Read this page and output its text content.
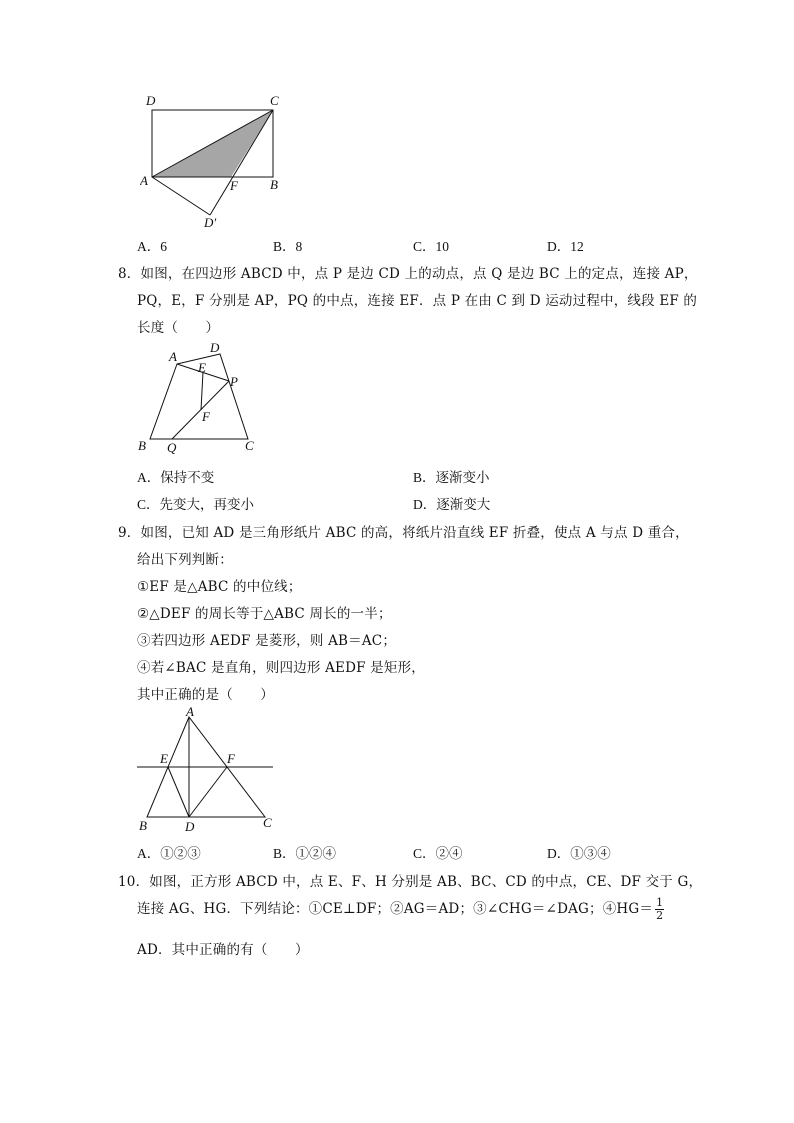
D	C
A	F B
D′
A．6	B．8	C．10	D．12
8．如图，在四边形 ABCD 中，点 P 是边 CD 上的动点，点 Q 是边 BC 上的定点，连接 AP，
PQ，E，F 分别是 AP，PQ 的中点，连接 EF．点 P 在由 C 到 D 运动过程中，线段 EF 的
长度（　　）
A
D
E
P
F
B Q	C
A．保持不变	B．逐渐变小
C．先变大，再变小	D．逐渐变大
9．如图，已知 AD 是三角形纸片 ABC 的高，将纸片沿直线 EF 折叠，使点 A 与点 D 重合，
给出下列判断：
①EF 是△ABC 的中位线；
②△DEF 的周长等于△ABC 周长的一半；
③若四边形 AEDF 是菱形，则 AB＝AC；
④若∠BAC 是直角，则四边形 AEDF 是矩形，
其中正确的是（　　）
A
E	F
B	D	C
A．①②③	B．①②④	C．②④	D．①③④
10．如图，正方形 ABCD 中，点 E、F、H 分别是 AB、BC、CD 的中点，CE、DF 交于 G，
连接 AG、HG．下列结论：①CE⊥DF；②AG＝AD；③∠CHG＝∠DAG；④HG＝ $\frac{1}{2}$
AD．其中正确的有（　　）
